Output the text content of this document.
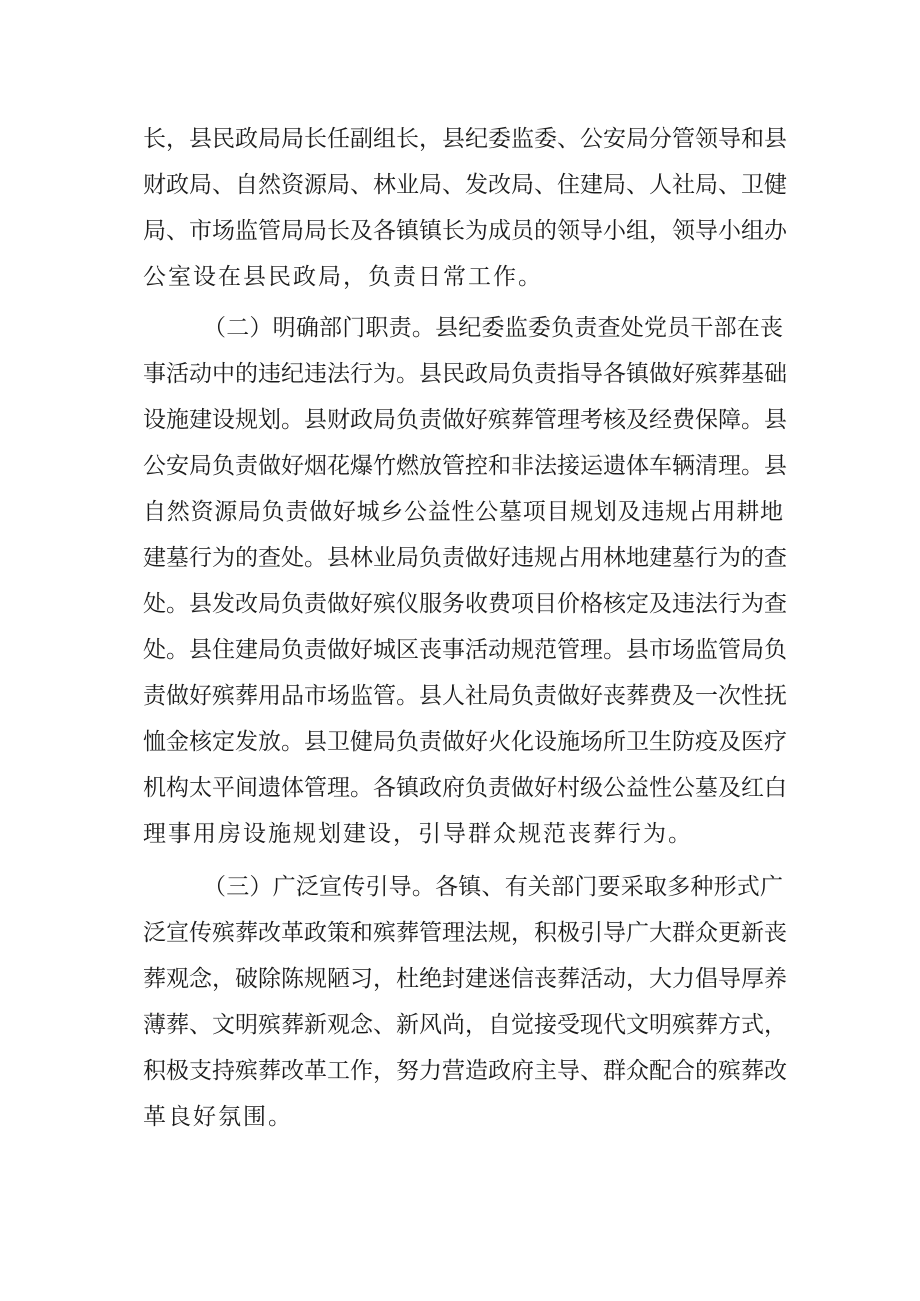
长，县民政局局长任副组长，县纪委监委、公安局分管领导和县
财政局、自然资源局、林业局、发改局、住建局、人社局、卫健
局、市场监管局局长及各镇镇长为成员的领导小组，领导小组办
公室设在县民政局，负责日常工作。
（二）明确部门职责。县纪委监委负责查处党员干部在丧
事活动中的违纪违法行为。县民政局负责指导各镇做好殡葬基础
设施建设规划。县财政局负责做好殡葬管理考核及经费保障。县
公安局负责做好烟花爆竹燃放管控和非法接运遗体车辆清理。县
自然资源局负责做好城乡公益性公墓项目规划及违规占用耕地
建墓行为的查处。县林业局负责做好违规占用林地建墓行为的查
处。县发改局负责做好殡仪服务收费项目价格核定及违法行为查
处。县住建局负责做好城区丧事活动规范管理。县市场监管局负
责做好殡葬用品市场监管。县人社局负责做好丧葬费及一次性抚
恤金核定发放。县卫健局负责做好火化设施场所卫生防疫及医疗
机构太平间遗体管理。各镇政府负责做好村级公益性公墓及红白
理事用房设施规划建设，引导群众规范丧葬行为。
（三）广泛宣传引导。各镇、有关部门要采取多种形式广
泛宣传殡葬改革政策和殡葬管理法规，积极引导广大群众更新丧
葬观念，破除陈规陋习，杜绝封建迷信丧葬活动，大力倡导厚养
薄葬、文明殡葬新观念、新风尚，自觉接受现代文明殡葬方式，
积极支持殡葬改革工作，努力营造政府主导、群众配合的殡葬改
革良好氛围。
